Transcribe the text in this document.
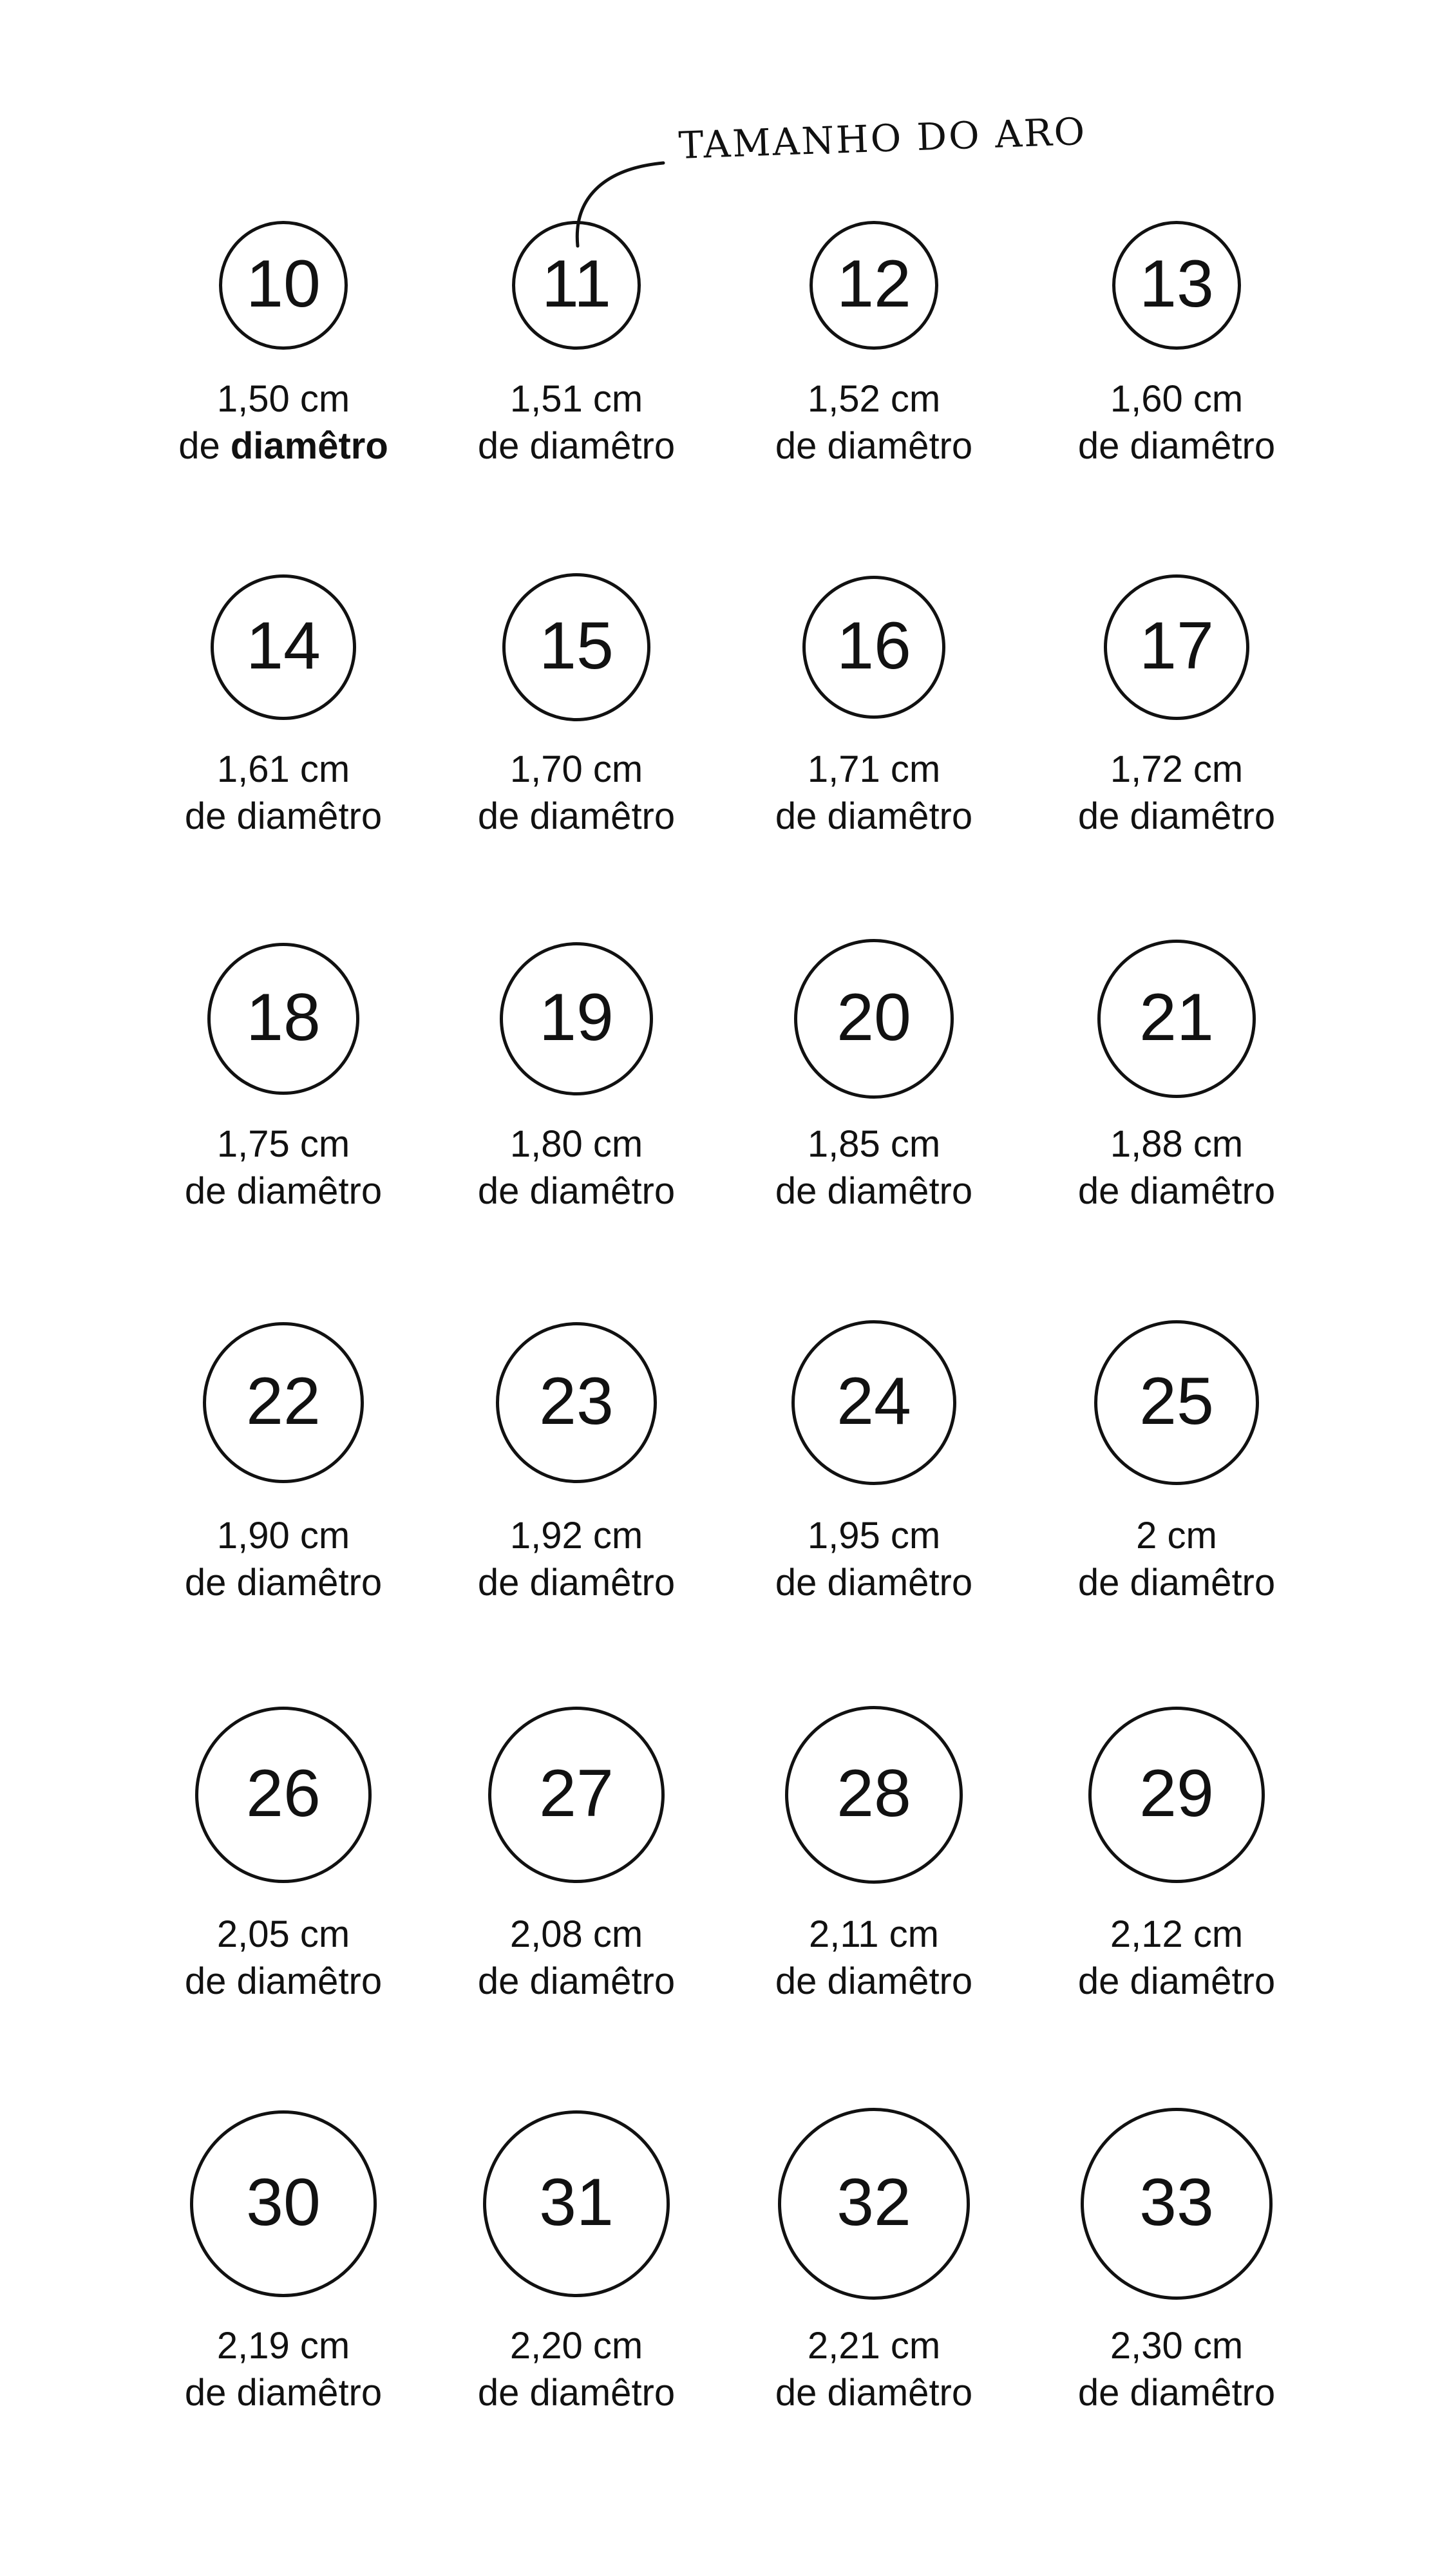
TAMANHO DO ARO
10
1,50 cm
de diamêtro
11
1,51 cm
de diamêtro
12
1,52 cm
de diamêtro
13
1,60 cm
de diamêtro
14
1,61 cm
de diamêtro
15
1,70 cm
de diamêtro
16
1,71 cm
de diamêtro
17
1,72 cm
de diamêtro
18
1,75 cm
de diamêtro
19
1,80 cm
de diamêtro
20
1,85 cm
de diamêtro
21
1,88 cm
de diamêtro
22
1,90 cm
de diamêtro
23
1,92 cm
de diamêtro
24
1,95 cm
de diamêtro
25
2 cm
de diamêtro
26
2,05 cm
de diamêtro
27
2,08 cm
de diamêtro
28
2,11 cm
de diamêtro
29
2,12 cm
de diamêtro
30
2,19 cm
de diamêtro
31
2,20 cm
de diamêtro
32
2,21 cm
de diamêtro
33
2,30 cm
de diamêtro
